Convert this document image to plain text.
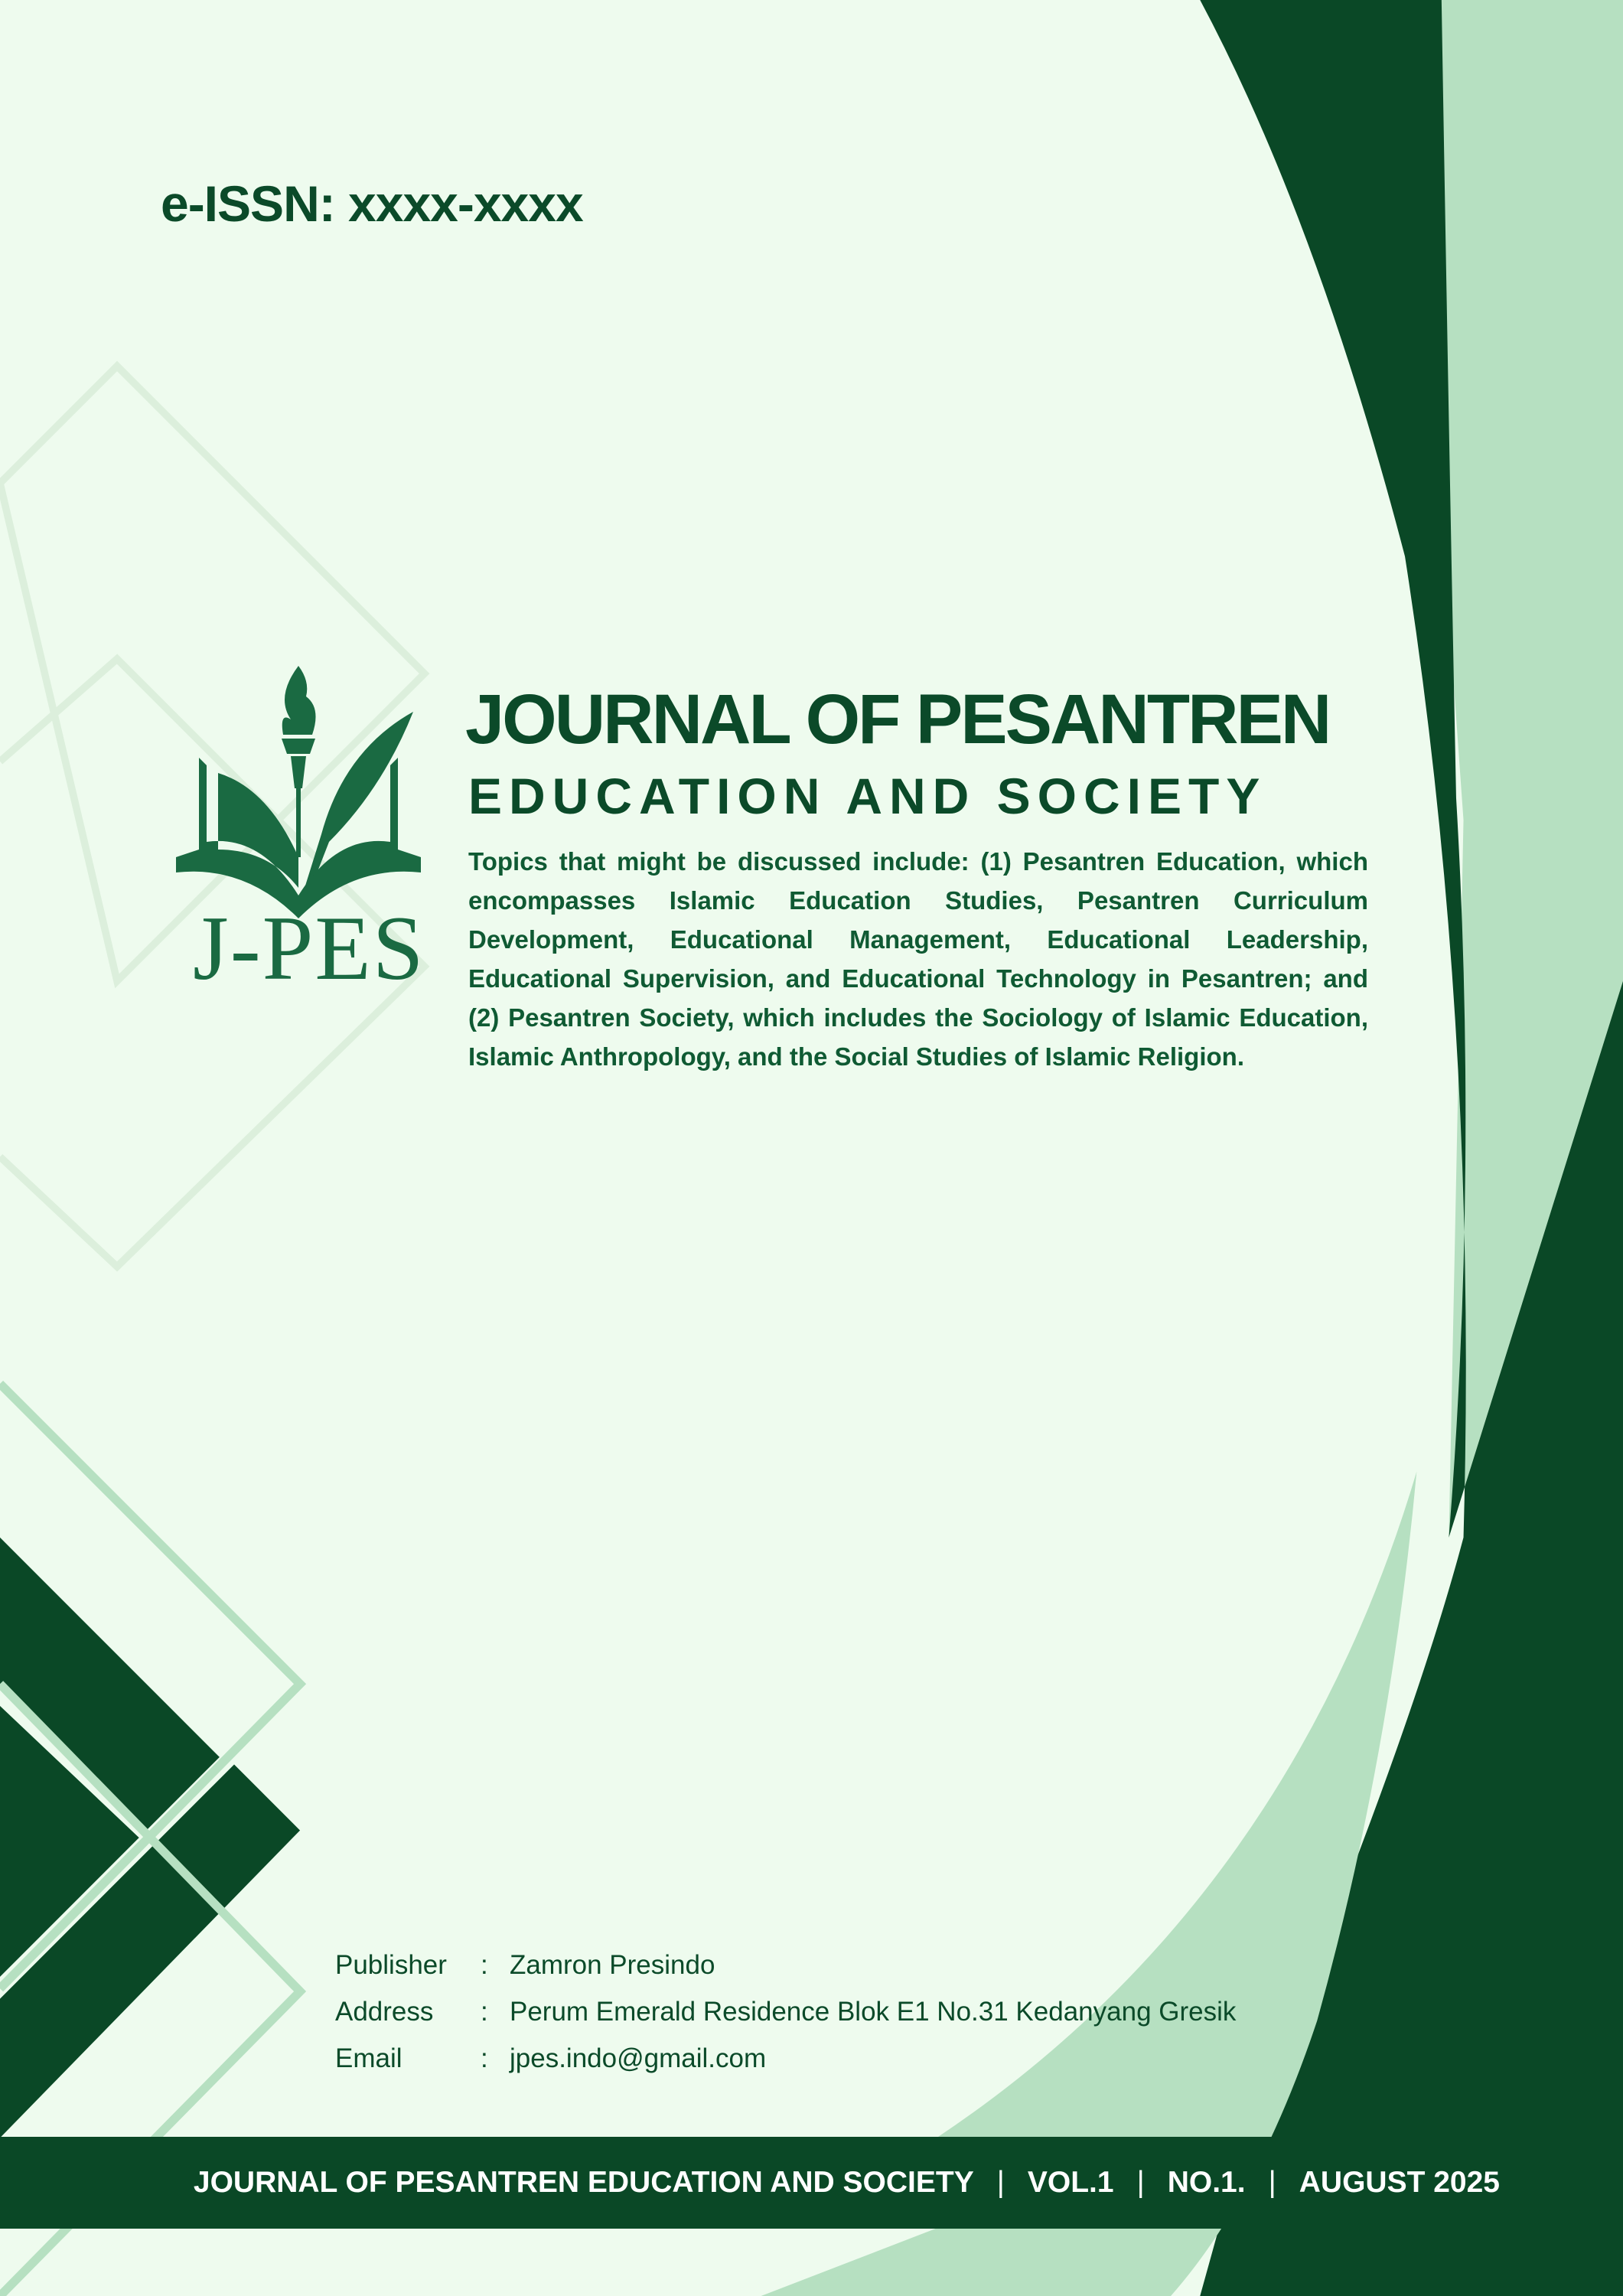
e-ISSN: xxxx-xxxx
J-PES
JOURNAL OF PESANTREN
EDUCATION AND SOCIETY
Topics that might be discussed include: (1) Pesantren Education, which encompasses Islamic Education Studies, Pesantren Curriculum Development, Educational Management, Educational Leadership, Educational Supervision, and Educational Technology in Pesantren; and (2) Pesantren Society, which includes the Sociology of Islamic Education, Islamic Anthropology, and the Social Studies of Islamic Religion.
Publisher	: Zamron Presindo
Address	: Perum Emerald Residence Blok E1 No.31 Kedanyang Gresik
Email	: jpes.indo@gmail.com
JOURNAL OF PESANTREN EDUCATION AND SOCIETY | VOL.1 | NO.1. | AUGUST 2025
